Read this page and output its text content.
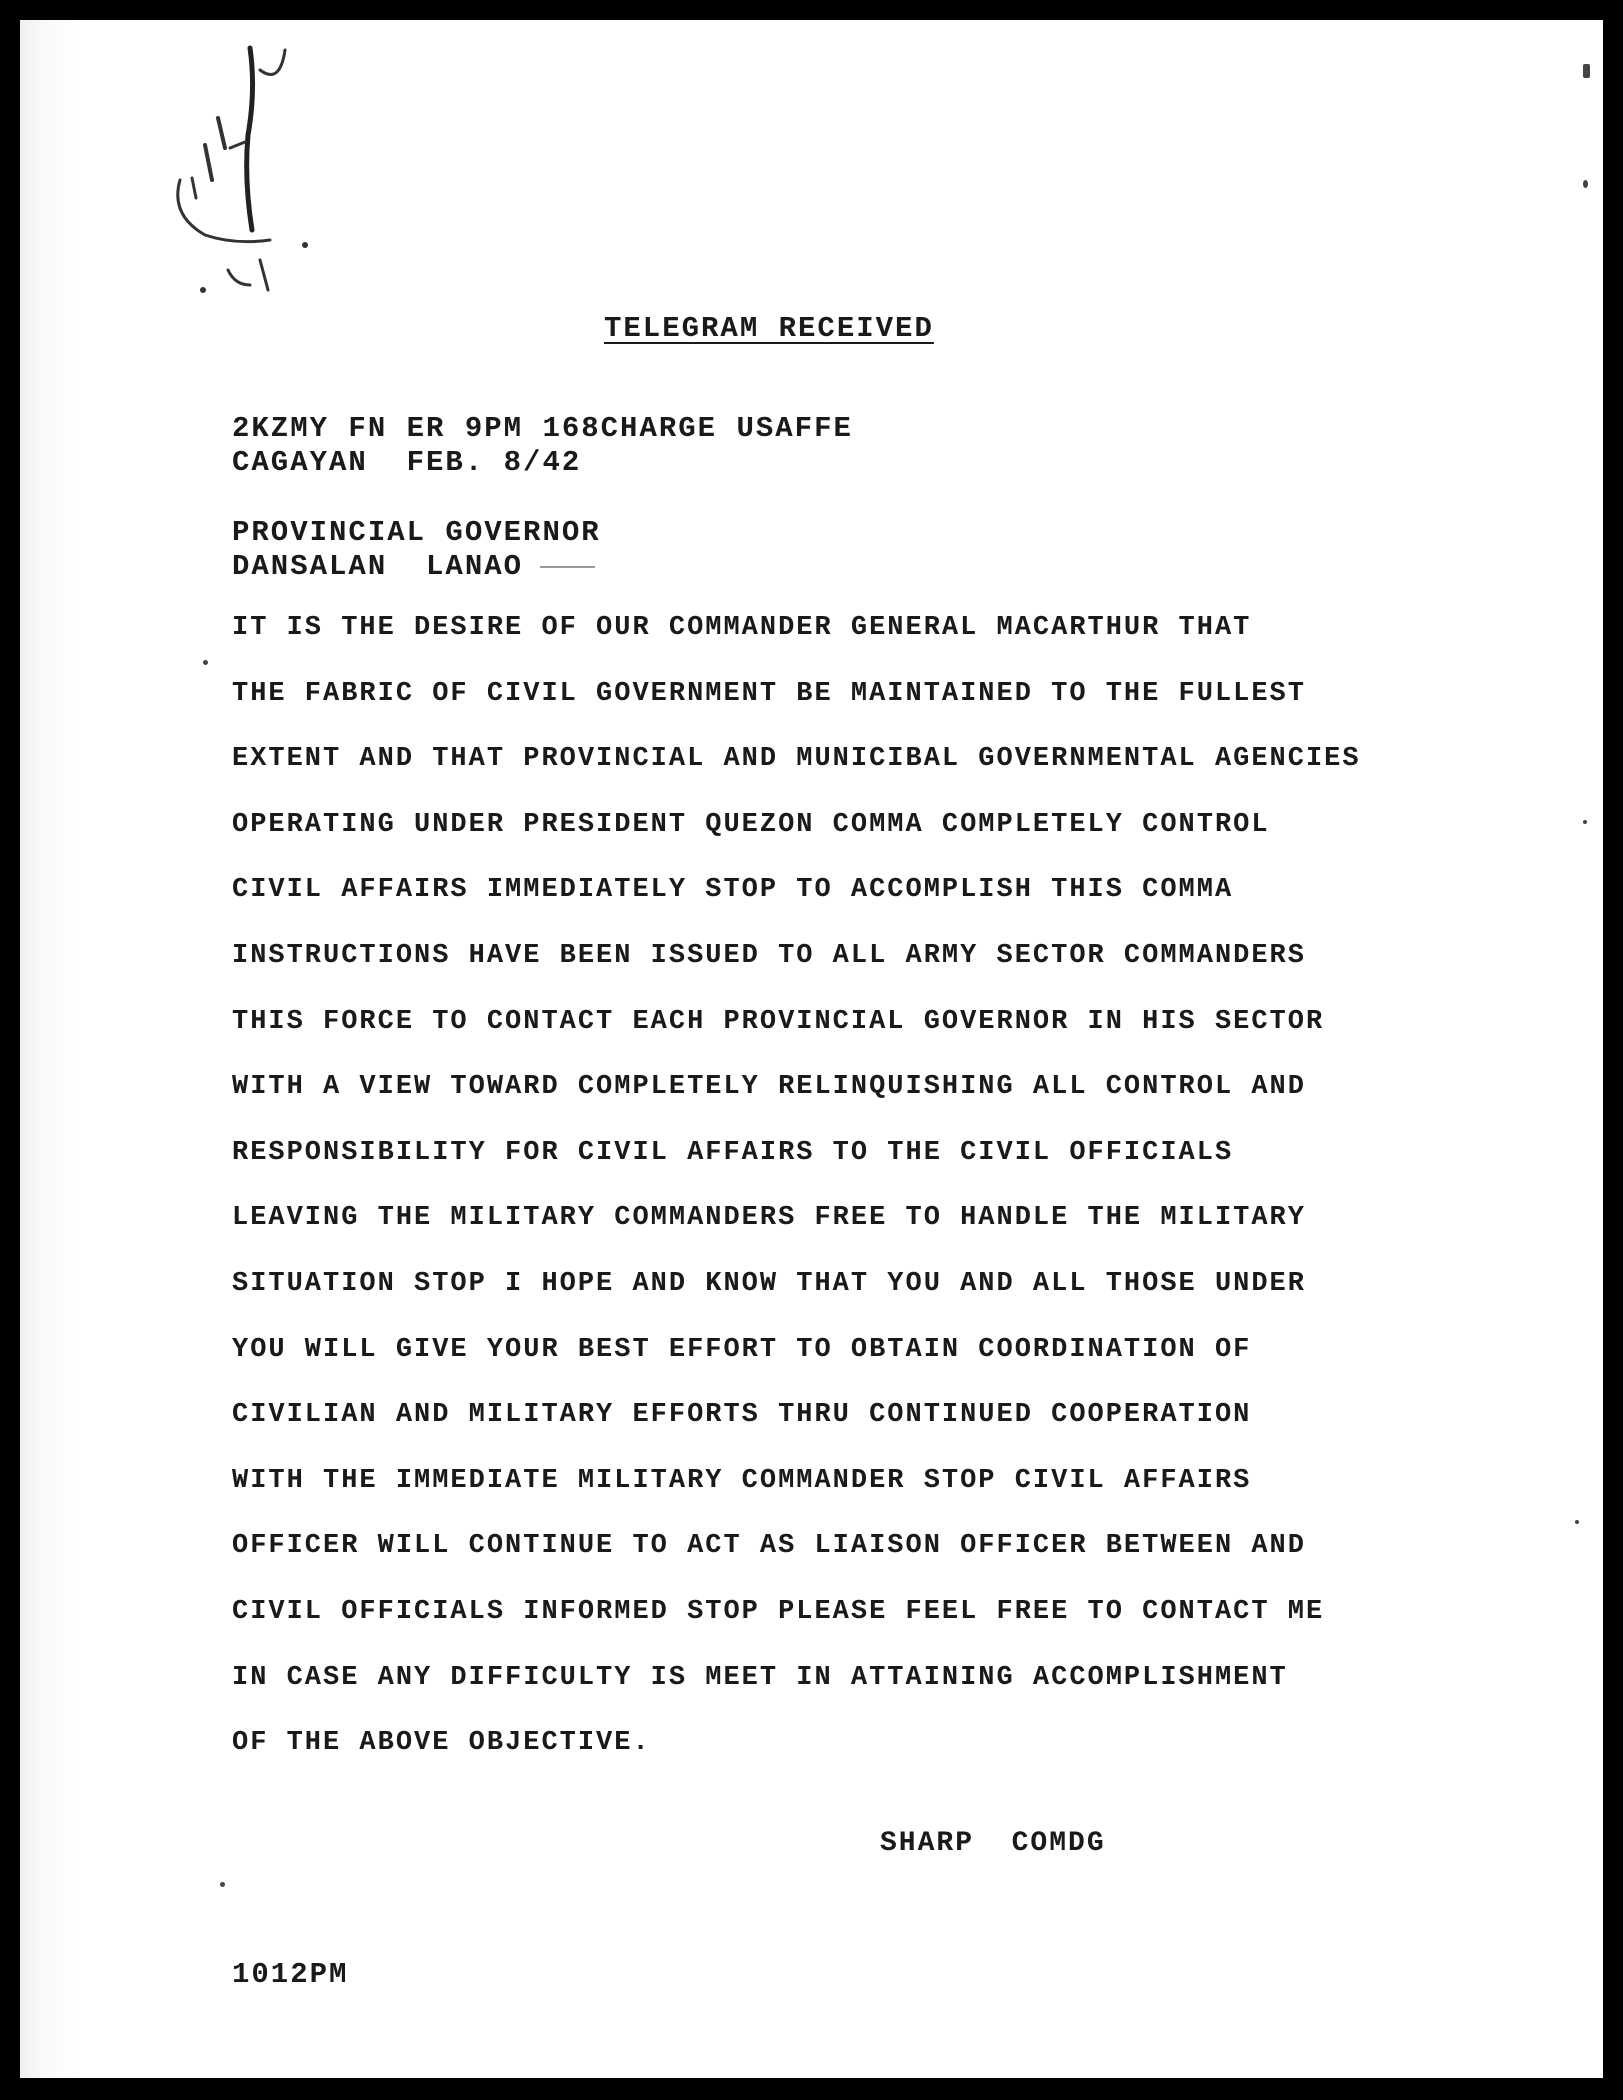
TELEGRAM RECEIVED
2KZMY FN ER 9PM 168CHARGE USAFFE
CAGAYAN  FEB. 8/42
PROVINCIAL GOVERNOR
DANSALAN  LANAO
IT IS THE DESIRE OF OUR COMMANDER GENERAL MACARTHUR THAT
THE FABRIC OF CIVIL GOVERNMENT BE MAINTAINED TO THE FULLEST
EXTENT AND THAT PROVINCIAL AND MUNICIBAL GOVERNMENTAL AGENCIES
OPERATING UNDER PRESIDENT QUEZON COMMA COMPLETELY CONTROL
CIVIL AFFAIRS IMMEDIATELY STOP TO ACCOMPLISH THIS COMMA
INSTRUCTIONS HAVE BEEN ISSUED TO ALL ARMY SECTOR COMMANDERS
THIS FORCE TO CONTACT EACH PROVINCIAL GOVERNOR IN HIS SECTOR
WITH A VIEW TOWARD COMPLETELY RELINQUISHING ALL CONTROL AND
RESPONSIBILITY FOR CIVIL AFFAIRS TO THE CIVIL OFFICIALS
LEAVING THE MILITARY COMMANDERS FREE TO HANDLE THE MILITARY
SITUATION STOP I HOPE AND KNOW THAT YOU AND ALL THOSE UNDER
YOU WILL GIVE YOUR BEST EFFORT TO OBTAIN COORDINATION OF
CIVILIAN AND MILITARY EFFORTS THRU CONTINUED COOPERATION
WITH THE IMMEDIATE MILITARY COMMANDER STOP CIVIL AFFAIRS
OFFICER WILL CONTINUE TO ACT AS LIAISON OFFICER BETWEEN AND
CIVIL OFFICIALS INFORMED STOP PLEASE FEEL FREE TO CONTACT ME
IN CASE ANY DIFFICULTY IS MEET IN ATTAINING ACCOMPLISHMENT
OF THE ABOVE OBJECTIVE.
SHARP  COMDG
1012PM
